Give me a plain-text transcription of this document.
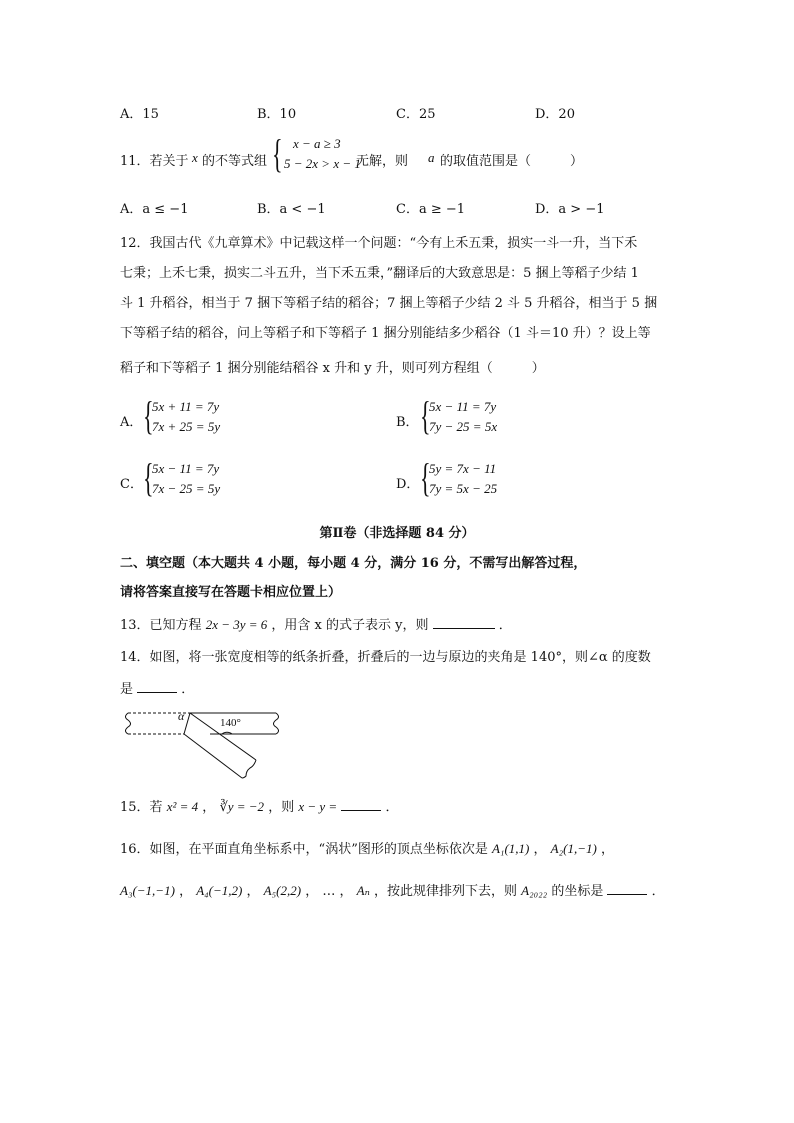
A．15	B．10	C．25	D．20
11．若关于 x 的不等式组 { x − a ≥ 3
5 − 2x > x − 1
无解，则 a 的取值范围是（　　　）
A．a ≤ −1	B．a < −1	C．a ≥ −1	D．a > −1
12．我国古代《九章算术》中记载这样一个问题：“今有上禾五秉，损实一斗一升，当下禾
七秉；上禾七秉，损实二斗五升，当下禾五秉，”翻译后的大致意思是：5 捆上等稻子少结 1
斗 1 升稻谷，相当于 7 捆下等稻子结的稻谷；7 捆上等稻子少结 2 斗 5 升稻谷，相当于 5 捆
下等稻子结的稻谷，问上等稻子和下等稻子 1 捆分别能结多少稻谷（1 斗＝10 升）？设上等
稻子和下等稻子 1 捆分别能结稻谷 x 升和 y 升，则可列方程组（　　　）
A． {
5x + 11 = 7y
7x + 25 = 5y	B． {
5x − 11 = 7y
7y − 25 = 5x
C． {
5x − 11 = 7y
7x − 25 = 5y	D． {
5y = 7x − 11
7y = 5x − 25
第Ⅱ卷（非选择题 84 分）
二、填空题（本大题共 4 小题，每小题 4 分，满分 16 分，不需写出解答过程，
请将答案直接写在答题卡相应位置上）
13．已知方程 2x − 3y = 6 ，用含 x 的式子表示 y，则	．
14．如图，将一张宽度相等的纸条折叠，折叠后的一边与原边的夹角是 140°，则∠α 的度数
是	．
α	140°
15．若 x² = 4 ， ∛y = −2 ，则 x − y =	．
16．如图，在平面直角坐标系中，“涡状”图形的顶点坐标依次是 A₁(1,1) ， A₂(1,−1) ，
A₃(−1,−1) ， A₄(−1,2) ， A₅(2,2) ， … ， Aₙ ，按此规律排列下去，则 A₂₀₂₂ 的坐标是	．
